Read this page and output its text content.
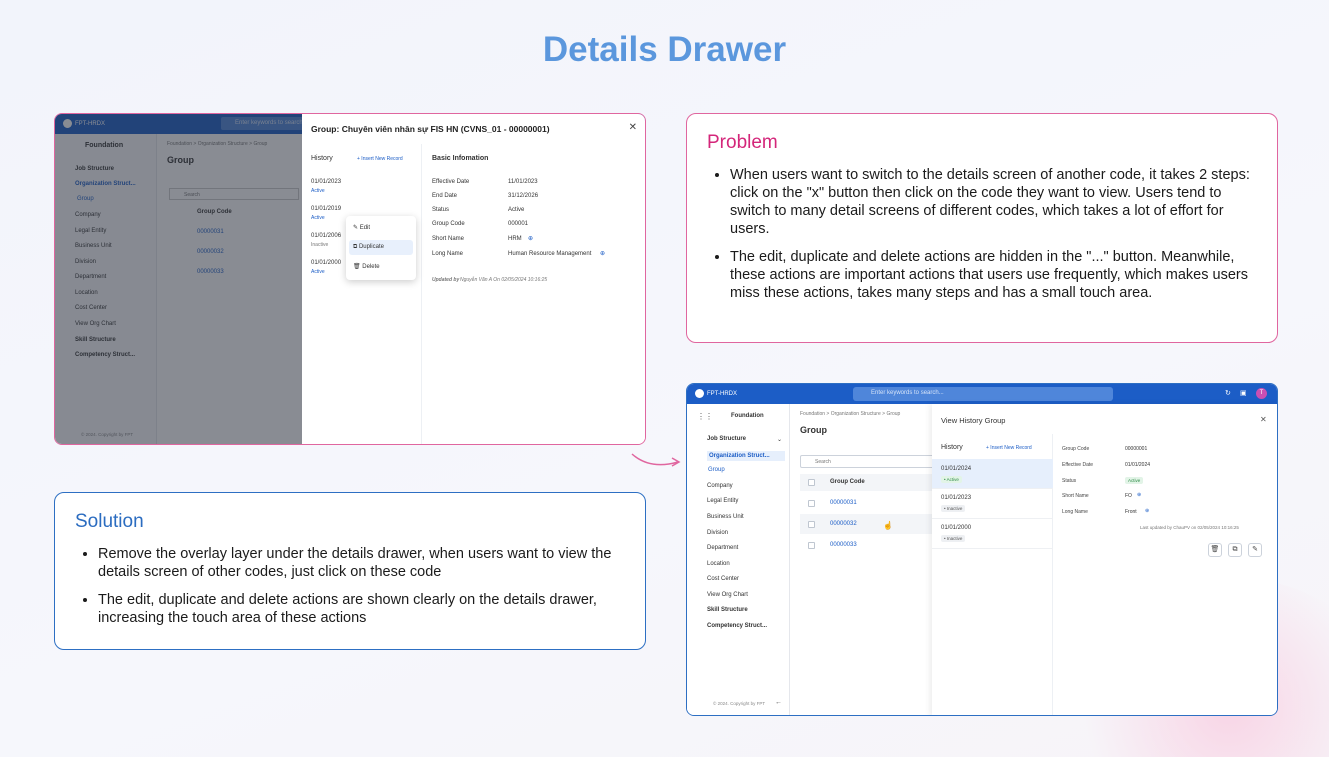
Details Drawer
Group: Chuyên viên nhân sự FIS HN (CVNS_01 - 00000001)	✕
History	+ Insert New Record
01/01/2023
Active
01/01/2019
Active
01/01/2006
Inactive
01/01/2000
Active
✎ Edit
⧉ Duplicate
🗑 Delete
Basic Infomation
Effective Date	11/01/2023
End Date	31/12/2026
Status	Active
Group Code	000001
Short Name	HRM ⊕
Long Name	Human Resource Management ⊕
Updated by Nguyễn Văn A On 02/05/2024 10:16:25
Problem
• When users want to switch to the details screen of another code, it takes 2 steps: click on the "x" button then click on the code they want to view. Users tend to switch to many detail screens of different codes, which takes a lot of effort for users.
• The edit, duplicate and delete actions are hidden in the "..." button. Meanwhile, these actions are important actions that users use frequently, which makes users miss these actions, takes many steps and has a small touch area.
Solution
• Remove the overlay layer under the details drawer, when users want to view the details screen of other codes, just click on these code
• The edit, duplicate and delete actions are shown clearly on the details drawer, increasing the touch area of these actions
FPT-HRDX	Enter keywords to search...	↻ ▣	T
⋮⋮	Foundation
Job Structure	⌄
Organization Struct...
Group
Company
Legal Entity
Business Unit
Division
Department
Location
Cost Center
View Org Chart
Skill Structure
Competency Struct...
© 2024. Copyright by FPT ←
Foundation > Organization Structure > Group
Group
Search
Group Code
00000031
00000032	☝
00000033
View History Group	✕
History	+ Insert New Record
01/01/2024
• Active
01/01/2023
• Inactive
01/01/2000
• Inactive
Group Code	00000001
Effective Date	01/01/2024
Status	Active
Short Name	FO ⊕
Long Name	Front ⊕
Last updated by ChauPV on 02/05/2024 10:16:25
🗑	⧉	✎
